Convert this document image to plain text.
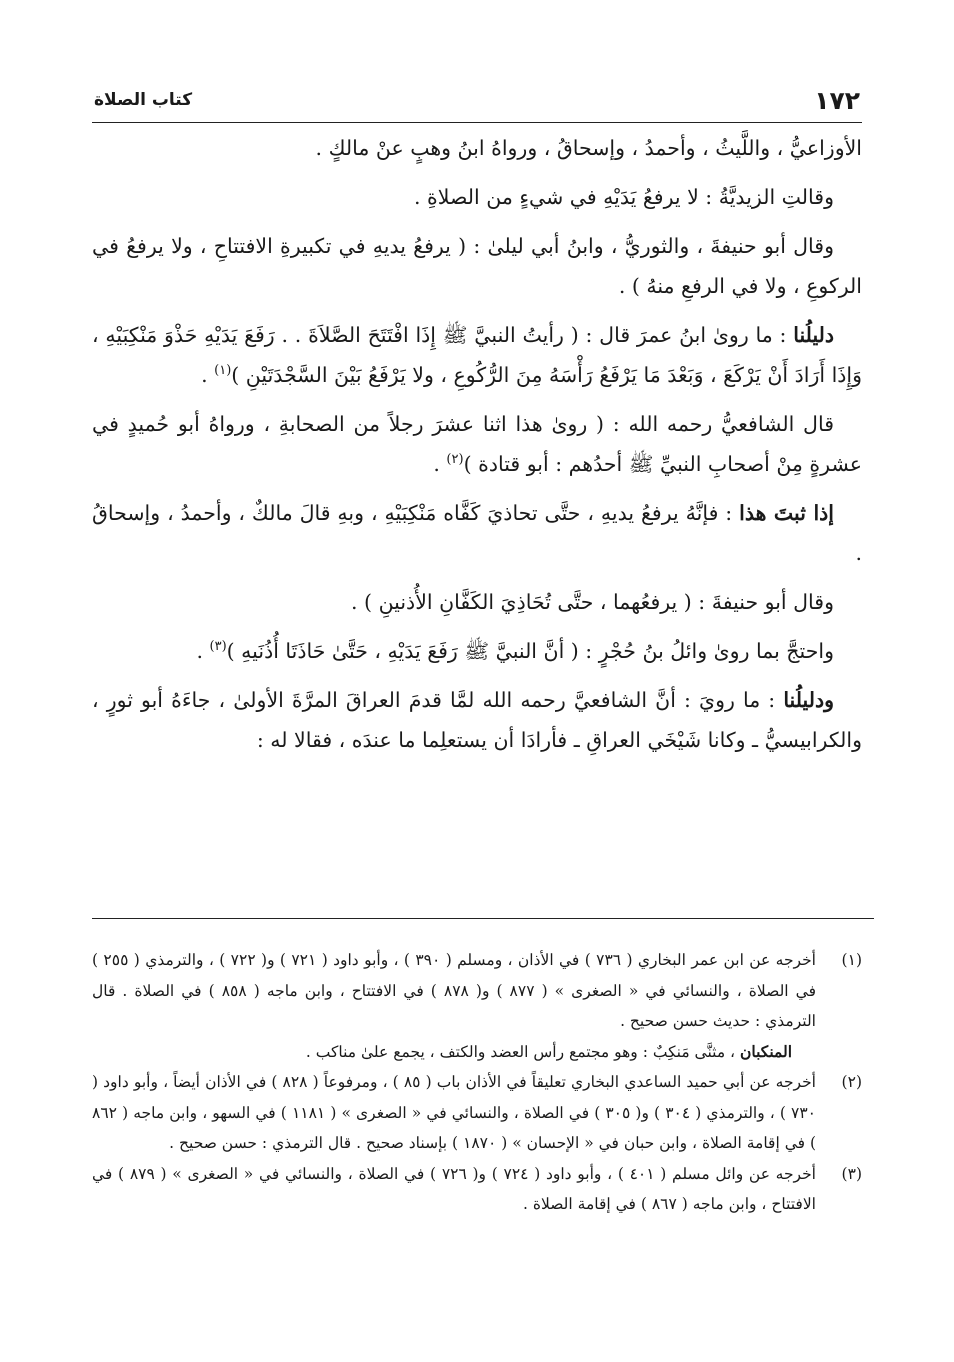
١٧٢
كتاب الصلاة

الأوزاعيُّ ، واللَّيثُ ، وأحمدُ ، وإسحاقُ ، ورواهُ ابنُ وهبٍ عنْ مالكٍ .

وقالتِ الزيديَّةُ : لا يرفعُ يَدَيْهِ في شيءٍ من الصلاةِ .

وقال أبو حنيفةَ ، والثوريُّ ، وابنُ أبي ليلىٰ : ( يرفعُ يديهِ في تكبيرةِ الافتتاحِ ، ولا يرفعُ في الركوعِ ، ولا في الرفعِ منهُ ) .

دليلُنا : ما روىٰ ابنُ عمرَ قال : ( رأيتُ النبيَّ ﷺ إِذَا افْتَتَحَ الصَّلاَةَ . . رَفَعَ يَدَيْهِ حَذْوَ مَنْكِبَيْهِ ، وَإِذَا أَرَادَ أَنْ يَرْكَعَ ، وَبَعْدَ مَا يَرْفَعُ رَأْسَهُ مِنَ الرُّكُوعِ ، ولا يَرْفَعُ بَيْنَ السَّجْدَتَيْنِ )$^{(١)}$ .

قال الشافعيُّ رحمه الله : ( روىٰ هذا اثنا عشرَ رجلاً من الصحابةِ ، ورواهُ أبو حُميدٍ في عشرةٍ مِنْ أصحابِ النبيِّ ﷺ أحدُهم : أبو قتادة )$^{(٢)}$ .

إذا ثبتَ هذا : فإنَّهُ يرفعُ يديهِ ، حتَّى تحاذيَ كَفَّاه مَنْكِبَيْهِ ، وبهِ قالَ مالكٌ ، وأحمدُ ، وإسحاقُ .

وقال أبو حنيفةَ : ( يرفعُهما ، حتَّى تُحَاذِيَ الكَفَّانِ الأُذنينِ ) .

واحتجَّ بما روىٰ وائلُ بنُ حُجْرٍ : ( أنَّ النبيَّ ﷺ رَفَعَ يَدَيْهِ ، حَتَّىٰ حَاذَتَا أُذُنَيهِ )$^{(٣)}$ .

ودليلُنا : ما رويَ : أنَّ الشافعيَّ رحمه الله لمَّا قدمَ العراقَ المرَّةَ الأولىٰ ، جاءَهُ أبو ثورٍ ، والكرابيسيُّ ـ وكانا شَيْخَي العراقِ ـ فأرادَا أن يستعلِما ما عندَه ، فقالا له :

(١)
أخرجه عن ابن عمر البخاري ( ٧٣٦ ) في الأذان ، ومسلم ( ٣٩٠ ) ، وأبو داود ( ٧٢١ ) و( ٧٢٢ ) ، والترمذي ( ٢٥٥ ) في الصلاة ، والنسائي في « الصغرى » ( ٨٧٧ ) و( ٨٧٨ ) في الافتتاح ، وابن ماجه ( ٨٥٨ ) في الصلاة . قال الترمذي : حديث حسن صحيح .

المنكبان ، مثنَّى مَنكِبٌ : وهو مجتمع رأس العضد والكتف ، يجمع علىٰ مناكب .

(٢)
أخرجه عن أبي حميد الساعدي البخاري تعليقاً في الأذان باب ( ٨٥ ) ، ومرفوعاً ( ٨٢٨ ) في الأذان أيضاً ، وأبو داود ( ٧٣٠ ) ، والترمذي ( ٣٠٤ ) و( ٣٠٥ ) في الصلاة ، والنسائي في « الصغرى » ( ١١٨١ ) في السهو ، وابن ماجه ( ٨٦٢ ) في إقامة الصلاة ، وابن حبان في « الإحسان » ( ١٨٧٠ ) بإسناد صحيح . قال الترمذي : حسن صحيح .

(٣)
أخرجه عن وائل مسلم ( ٤٠١ ) ، وأبو داود ( ٧٢٤ ) و( ٧٢٦ ) في الصلاة ، والنسائي في « الصغرى » ( ٨٧٩ ) في الافتتاح ، وابن ماجه ( ٨٦٧ ) في إقامة الصلاة .
